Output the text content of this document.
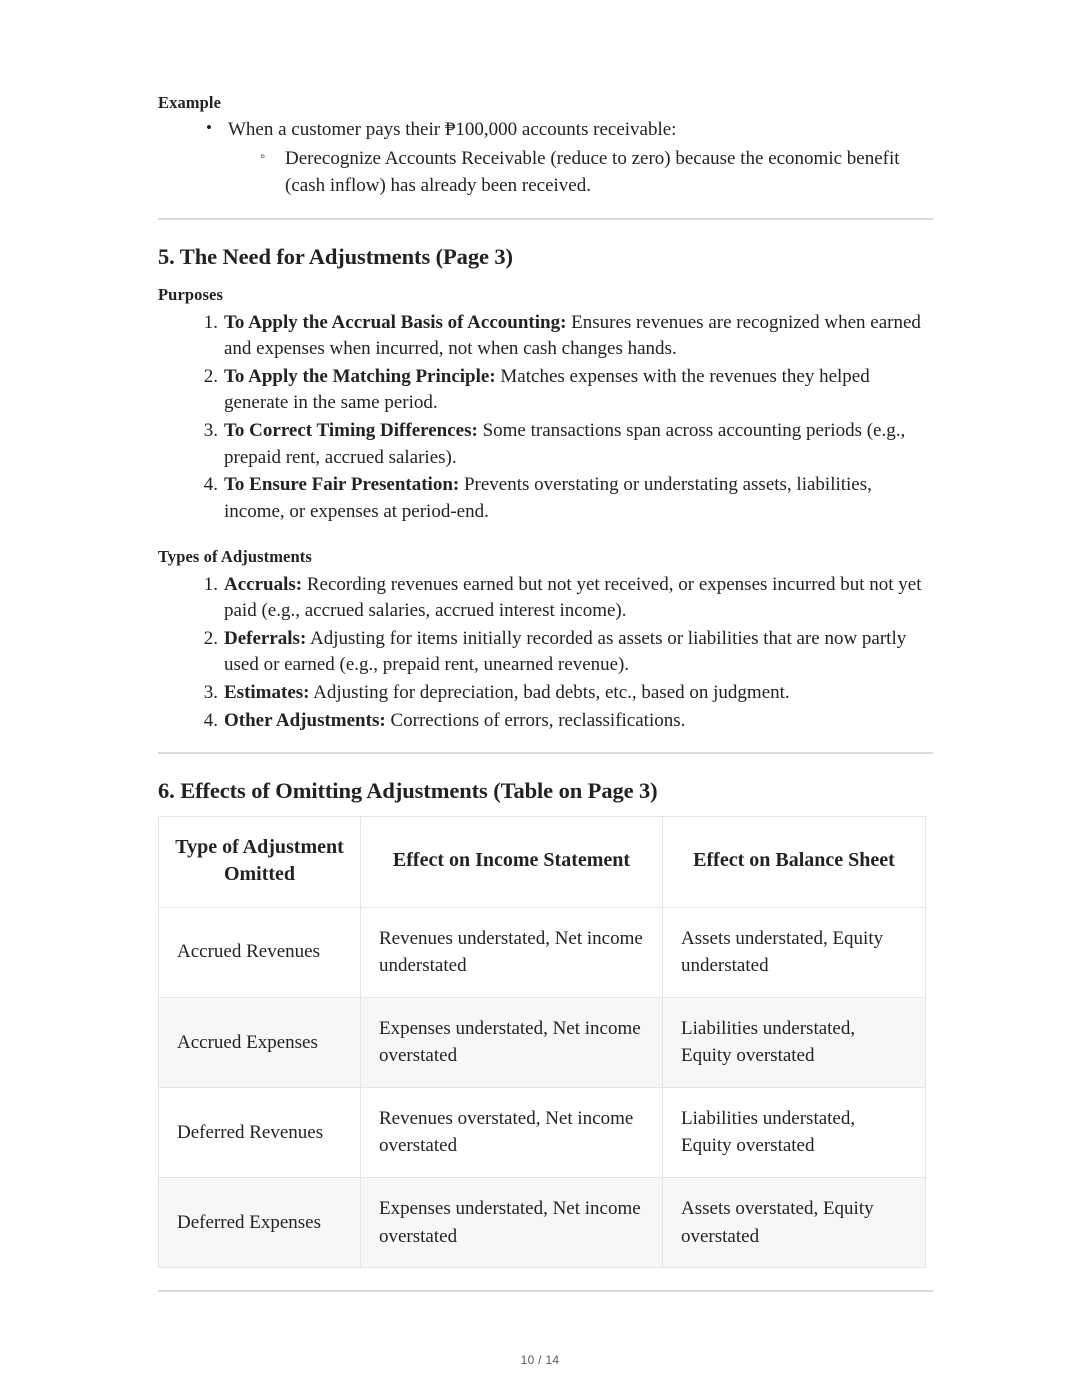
Example
• When a customer pays their ₱100,000 accounts receivable:
◦ Derecognize Accounts Receivable (reduce to zero) because the economic benefit (cash inflow) has already been received.
5. The Need for Adjustments (Page 3)
Purposes
To Apply the Accrual Basis of Accounting: Ensures revenues are recognized when earned and expenses when incurred, not when cash changes hands.
To Apply the Matching Principle: Matches expenses with the revenues they helped generate in the same period.
To Correct Timing Differences: Some transactions span across accounting periods (e.g., prepaid rent, accrued salaries).
To Ensure Fair Presentation: Prevents overstating or understating assets, liabilities, income, or expenses at period-end.
Types of Adjustments
Accruals: Recording revenues earned but not yet received, or expenses incurred but not yet paid (e.g., accrued salaries, accrued interest income).
Deferrals: Adjusting for items initially recorded as assets or liabilities that are now partly used or earned (e.g., prepaid rent, unearned revenue).
Estimates: Adjusting for depreciation, bad debts, etc., based on judgment.
Other Adjustments: Corrections of errors, reclassifications.
6. Effects of Omitting Adjustments (Table on Page 3)
Type of Adjustment Omitted	Effect on Income Statement	Effect on Balance Sheet
Accrued Revenues	Revenues understated, Net income understated	Assets understated, Equity understated
Accrued Expenses	Expenses understated, Net income overstated	Liabilities understated, Equity overstated
Deferred Revenues	Revenues overstated, Net income overstated	Liabilities understated, Equity overstated
Deferred Expenses	Expenses understated, Net income overstated	Assets overstated, Equity overstated
10 / 14
